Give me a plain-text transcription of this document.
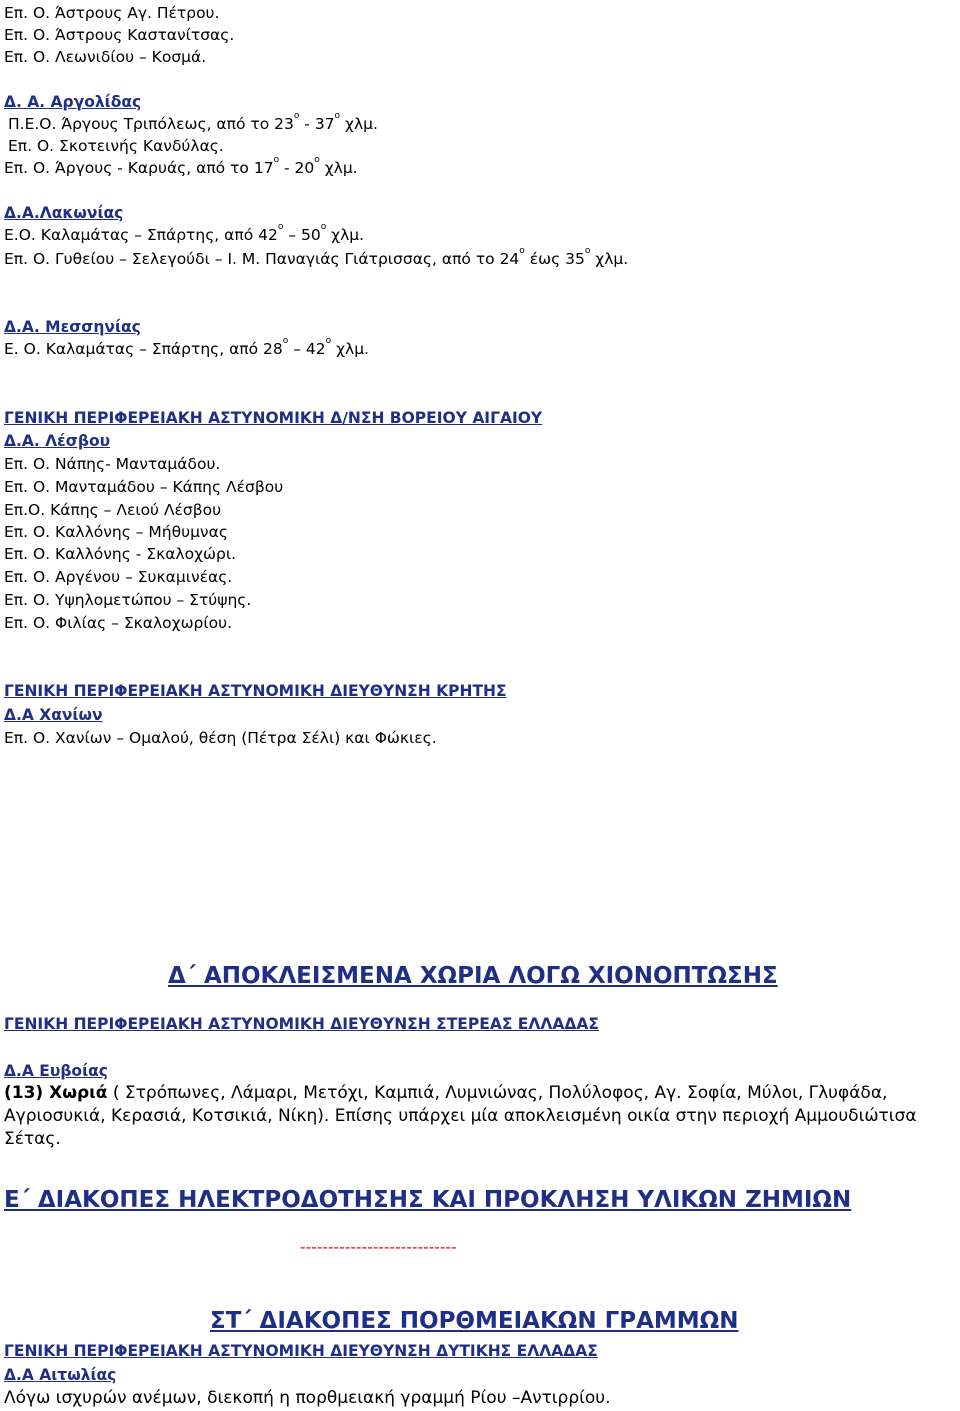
Επ. Ο. Άστρους Αγ. Πέτρου.
Επ. Ο. Άστρους Καστανίτσας.
Επ. Ο. Λεωνιδίου – Κοσμά.
Δ. Α. Αργολίδας
Π.Ε.Ο. Άργους Τριπόλεως, από το $23^o - 37^o$ χλμ.
Επ. Ο. Σκοτεινής Κανδύλας.
Επ. Ο. Άργους - Καρυάς, από το $17^o - 20^o$ χλμ.
Δ.Α.Λακωνίας
Ε.Ο. Καλαμάτας – Σπάρτης, από $42^o - 50^o$ χλμ.
Επ. Ο. Γυθείου – Σελεγούδι – Ι. Μ. Παναγιάς Γιάτρισσας, από το $24^o$ έως $35^o$ χλμ.
Δ.Α. Μεσσηνίας
Ε. Ο. Καλαμάτας – Σπάρτης, από $28^o - 42^o$ χλμ.
ΓΕΝΙΚΗ ΠΕΡΙΦΕΡΕΙΑΚΗ ΑΣΤΥΝΟΜΙΚΗ Δ/ΝΣΗ ΒΟΡΕΙΟΥ ΑΙΓΑΙΟΥ
Δ.Α. Λέσβου
Επ. Ο. Νάπης- Μανταμάδου.
Επ. Ο. Μανταμάδου – Κάπης Λέσβου
Επ.Ο. Κάπης – Λειού Λέσβου
Επ. Ο. Καλλόνης – Μήθυμνας
Επ. Ο. Καλλόνης - Σκαλοχώρι.
Επ. Ο. Αργένου – Συκαμινέας.
Επ. Ο. Υψηλομετώπου – Στύψης.
Επ. Ο. Φιλίας – Σκαλοχωρίου.
ΓΕΝΙΚΗ ΠΕΡΙΦΕΡΕΙΑΚΗ ΑΣΤΥΝΟΜΙΚΗ ΔΙΕΥΘΥΝΣΗ ΚΡΗΤΗΣ
Δ.Α Χανίων
Επ. Ο. Χανίων – Ομαλού, θέση (Πέτρα Σέλι) και Φώκιες.
Δ΄ ΑΠΟΚΛΕΙΣΜΕΝΑ ΧΩΡΙΑ ΛΟΓΩ ΧΙΟΝΟΠΤΩΣΗΣ
ΓΕΝΙΚΗ ΠΕΡΙΦΕΡΕΙΑΚΗ ΑΣΤΥΝΟΜΙΚΗ ΔΙΕΥΘΥΝΣΗ ΣΤΕΡΕΑΣ ΕΛΛΑΔΑΣ
Δ.Α Ευβοίας
(13) Χωριά ( Στρόπωνες, Λάμαρι, Μετόχι, Καμπιά, Λυμνιώνας, Πολύλοφος, Αγ. Σοφία, Μύλοι, Γλυφάδα, Αγριοσυκιά, Κερασιά, Κοτσικιά, Νίκη). Επίσης υπάρχει μία αποκλεισμένη οικία στην περιοχή Αμμουδιώτισα Σέτας.
Ε΄ ΔΙΑΚΟΠΕΣ ΗΛΕΚΤΡΟΔΟΤΗΣΗΣ ΚΑΙ ΠΡΟΚΛΗΣΗ ΥΛΙΚΩΝ ΖΗΜΙΩΝ
----------------------------
ΣΤ΄ ΔΙΑΚΟΠΕΣ ΠΟΡΘΜΕΙΑΚΩΝ ΓΡΑΜΜΩΝ
ΓΕΝΙΚΗ ΠΕΡΙΦΕΡΕΙΑΚΗ ΑΣΤΥΝΟΜΙΚΗ ΔΙΕΥΘΥΝΣΗ ΔΥΤΙΚΗΣ ΕΛΛΑΔΑΣ
Δ.Α Αιτωλίας
Λόγω ισχυρών ανέμων, διεκοπή η πορθμειακή γραμμή Ρίου –Αντιρρίου.
